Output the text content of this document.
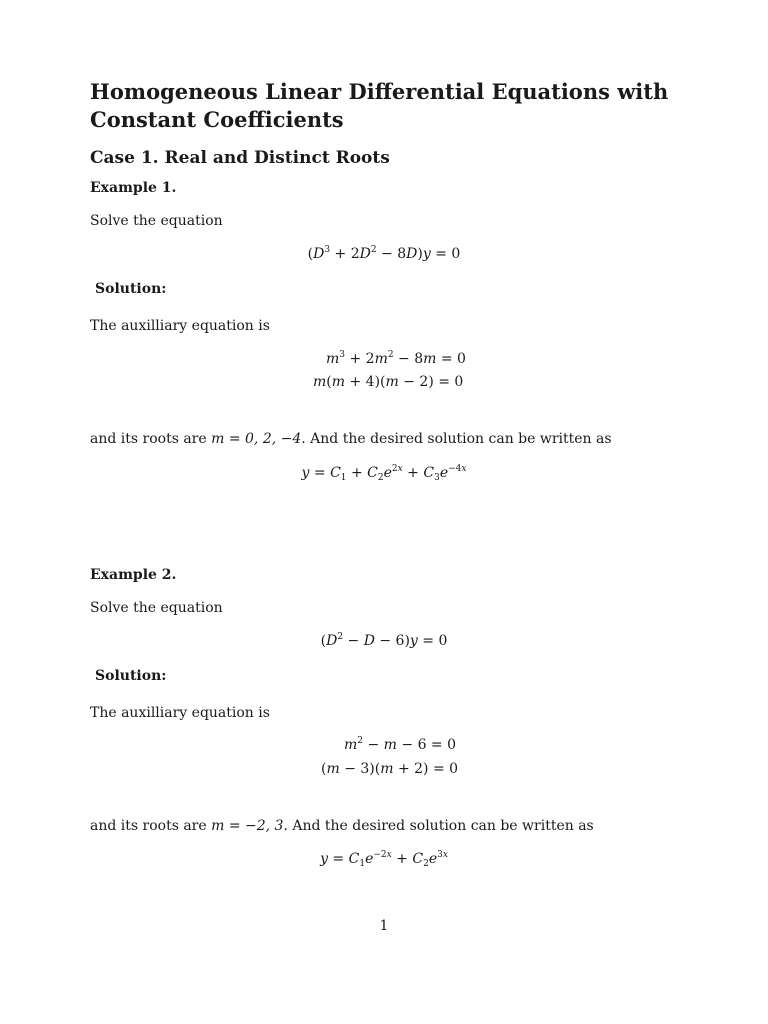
Homogeneous Linear Differential Equations with Constant Coefficients
Case 1. Real and Distinct Roots
Example 1.
Solve the equation
$(D^3 + 2D^2 - 8D)y = 0$
Solution:
The auxilliary equation is
$m^3 + 2m^2 - 8m = 0$
m(m + 4)(m − 2) = 0
and its roots are m = 0, 2, −4. And the desired solution can be written as
$y = C_1 + C_2e^{2x} + C_3e^{-4x}$
Example 2.
Solve the equation
$(D^2 - D - 6)y = 0$
Solution:
The auxilliary equation is
$m^2 - m - 6 = 0$
(m − 3)(m + 2) = 0
and its roots are m = −2, 3. And the desired solution can be written as
$y = C_1e^{-2x} + C_2e^{3x}$
1
